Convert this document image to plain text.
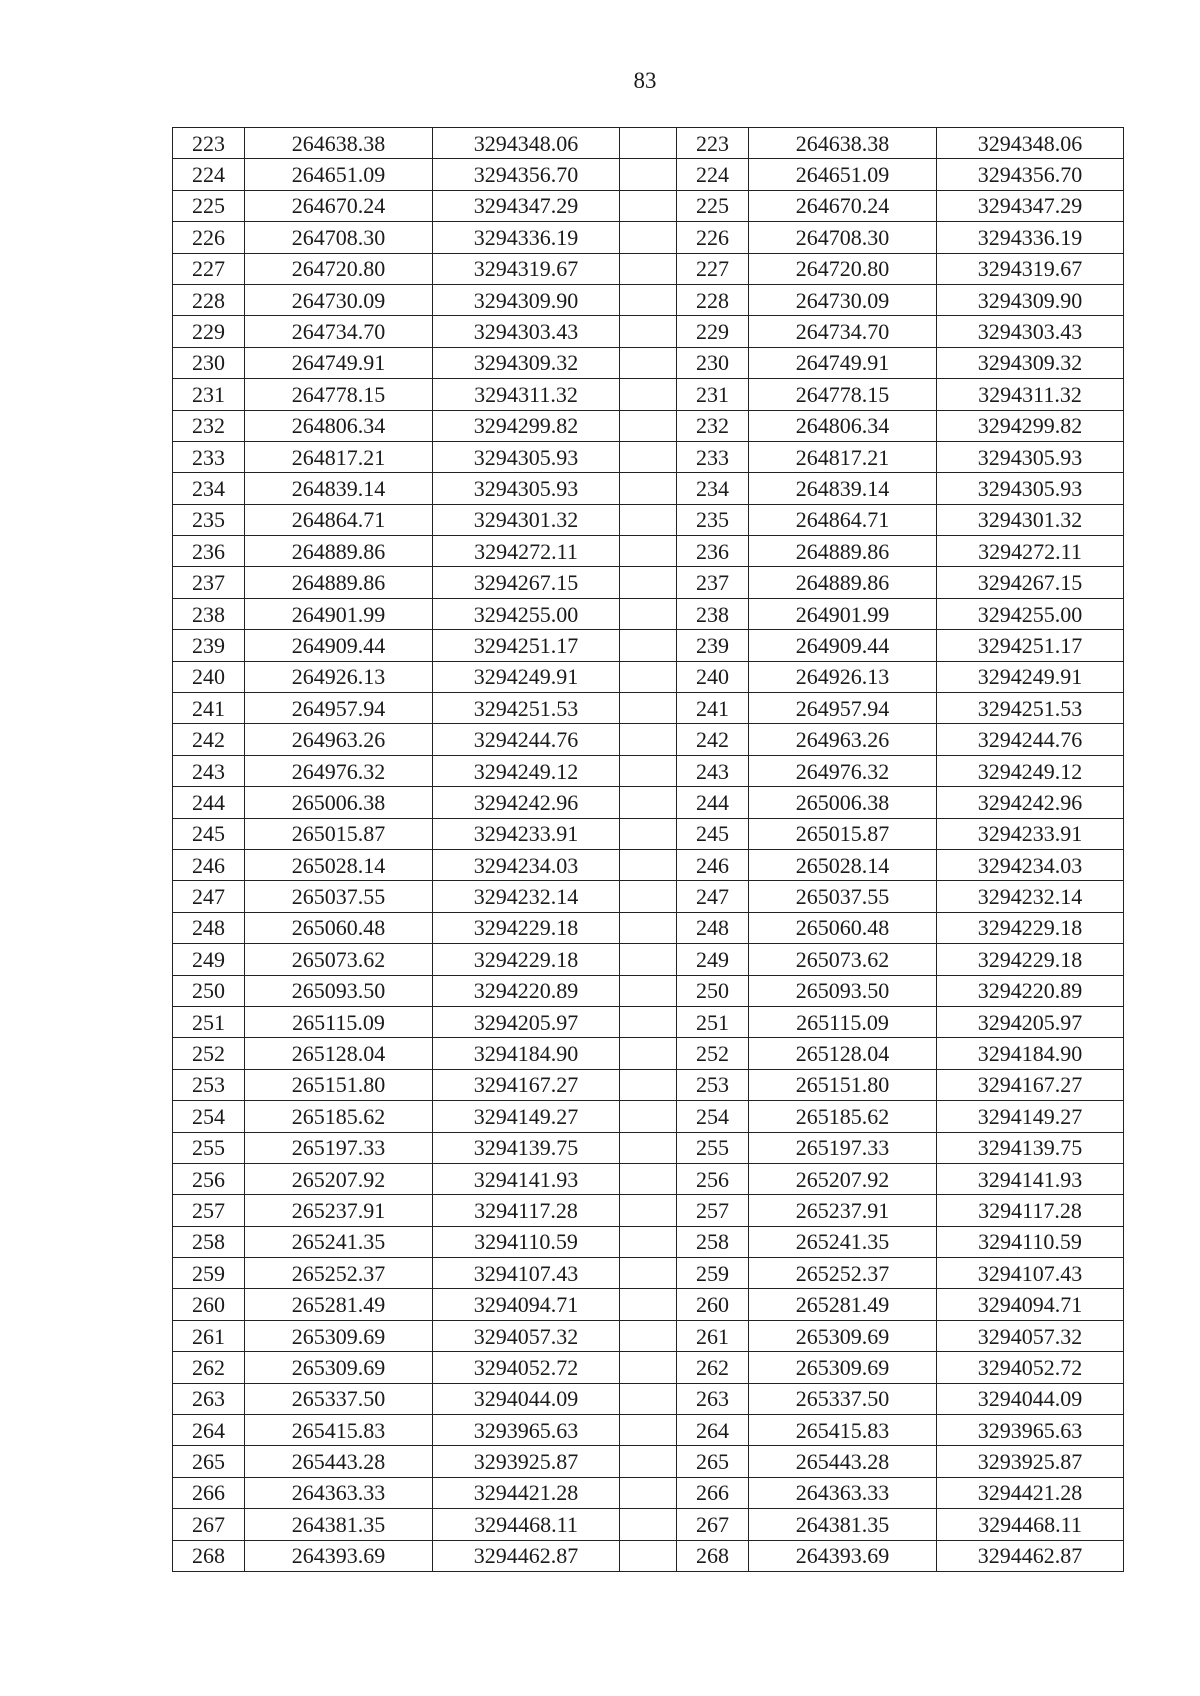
83
223	264638.38	3294348.06		223	264638.38	3294348.06
224	264651.09	3294356.70		224	264651.09	3294356.70
225	264670.24	3294347.29		225	264670.24	3294347.29
226	264708.30	3294336.19		226	264708.30	3294336.19
227	264720.80	3294319.67		227	264720.80	3294319.67
228	264730.09	3294309.90		228	264730.09	3294309.90
229	264734.70	3294303.43		229	264734.70	3294303.43
230	264749.91	3294309.32		230	264749.91	3294309.32
231	264778.15	3294311.32		231	264778.15	3294311.32
232	264806.34	3294299.82		232	264806.34	3294299.82
233	264817.21	3294305.93		233	264817.21	3294305.93
234	264839.14	3294305.93		234	264839.14	3294305.93
235	264864.71	3294301.32		235	264864.71	3294301.32
236	264889.86	3294272.11		236	264889.86	3294272.11
237	264889.86	3294267.15		237	264889.86	3294267.15
238	264901.99	3294255.00		238	264901.99	3294255.00
239	264909.44	3294251.17		239	264909.44	3294251.17
240	264926.13	3294249.91		240	264926.13	3294249.91
241	264957.94	3294251.53		241	264957.94	3294251.53
242	264963.26	3294244.76		242	264963.26	3294244.76
243	264976.32	3294249.12		243	264976.32	3294249.12
244	265006.38	3294242.96		244	265006.38	3294242.96
245	265015.87	3294233.91		245	265015.87	3294233.91
246	265028.14	3294234.03		246	265028.14	3294234.03
247	265037.55	3294232.14		247	265037.55	3294232.14
248	265060.48	3294229.18		248	265060.48	3294229.18
249	265073.62	3294229.18		249	265073.62	3294229.18
250	265093.50	3294220.89		250	265093.50	3294220.89
251	265115.09	3294205.97		251	265115.09	3294205.97
252	265128.04	3294184.90		252	265128.04	3294184.90
253	265151.80	3294167.27		253	265151.80	3294167.27
254	265185.62	3294149.27		254	265185.62	3294149.27
255	265197.33	3294139.75		255	265197.33	3294139.75
256	265207.92	3294141.93		256	265207.92	3294141.93
257	265237.91	3294117.28		257	265237.91	3294117.28
258	265241.35	3294110.59		258	265241.35	3294110.59
259	265252.37	3294107.43		259	265252.37	3294107.43
260	265281.49	3294094.71		260	265281.49	3294094.71
261	265309.69	3294057.32		261	265309.69	3294057.32
262	265309.69	3294052.72		262	265309.69	3294052.72
263	265337.50	3294044.09		263	265337.50	3294044.09
264	265415.83	3293965.63		264	265415.83	3293965.63
265	265443.28	3293925.87		265	265443.28	3293925.87
266	264363.33	3294421.28		266	264363.33	3294421.28
267	264381.35	3294468.11		267	264381.35	3294468.11
268	264393.69	3294462.87		268	264393.69	3294462.87
